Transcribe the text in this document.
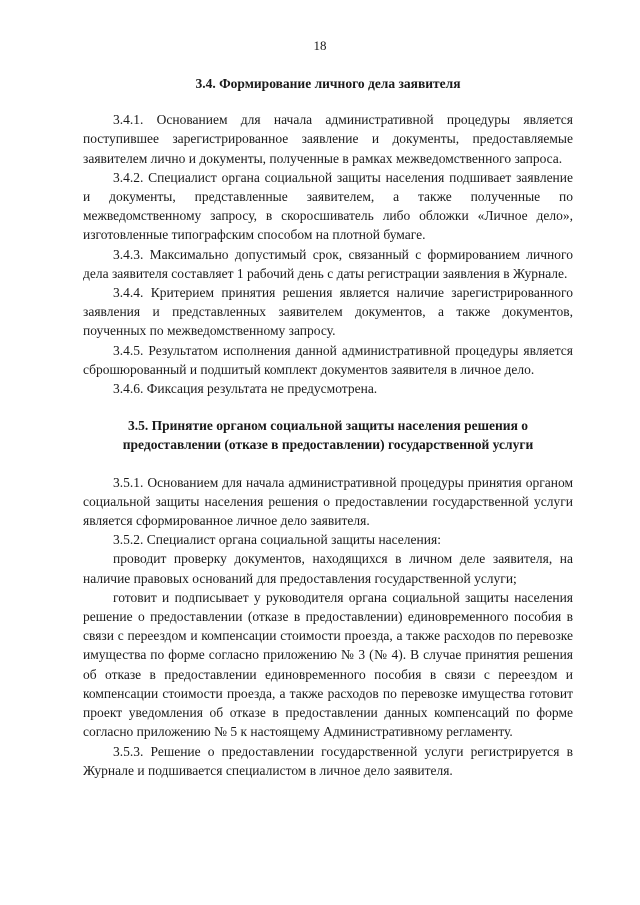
18

3.4. Формирование личного дела заявителя

3.4.1. Основанием для начала административной процедуры является поступившее зарегистрированное заявление и документы, предоставляемые заявителем лично и документы, полученные в рамках межведомственного запроса.

3.4.2. Специалист органа социальной защиты населения подшивает заявление и документы, представленные заявителем, а также полученные по межведомственному запросу, в скоросшиватель либо обложки «Личное дело», изготовленные типографским способом на плотной бумаге.

3.4.3. Максимально допустимый срок, связанный с формированием личного дела заявителя составляет 1 рабочий день с даты регистрации заявления в Журнале.

3.4.4. Критерием принятия решения является наличие зарегистрированного заявления и представленных заявителем документов, а также документов, поученных по межведомственному запросу.

3.4.5. Результатом исполнения данной административной процедуры является сброшюрованный и подшитый комплект документов заявителя в личное дело.

3.4.6. Фиксация результата не предусмотрена.

3.5. Принятие органом социальной защиты населения решения о предоставлении (отказе в предоставлении) государственной услуги

3.5.1. Основанием для начала административной процедуры принятия органом социальной защиты населения решения о предоставлении государственной услуги является сформированное личное дело заявителя.

3.5.2. Специалист органа социальной защиты населения:

проводит проверку документов, находящихся в личном деле заявителя, на наличие правовых оснований для предоставления государственной услуги;

готовит и подписывает у руководителя органа социальной защиты населения решение о предоставлении (отказе в предоставлении) единовременного пособия в связи с переездом и компенсации стоимости проезда, а также расходов по перевозке имущества по форме согласно приложению № 3 (№ 4). В случае принятия решения об отказе в предоставлении единовременного пособия в связи с переездом и компенсации стоимости проезда, а также расходов по перевозке имущества готовит проект уведомления об отказе в предоставлении данных компенсаций по форме согласно приложению № 5 к настоящему Административному регламенту.

3.5.3. Решение о предоставлении государственной услуги регистрируется в Журнале и подшивается специалистом в личное дело заявителя.
